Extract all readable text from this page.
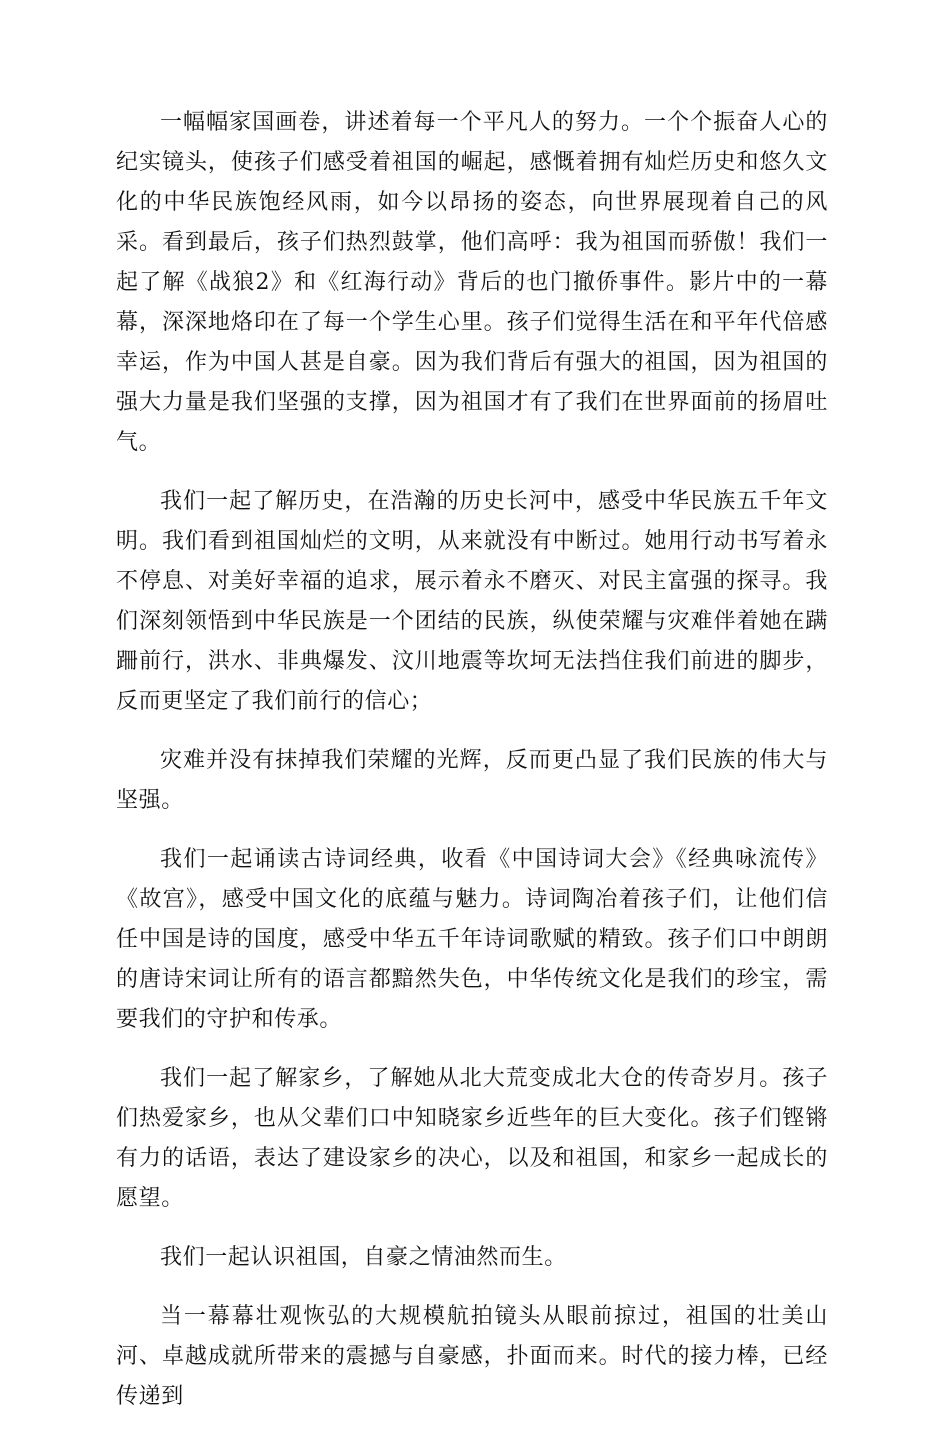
一幅幅家国画卷，讲述着每一个平凡人的努力。一个个振奋人心的纪实镜头，使孩子们感受着祖国的崛起，感慨着拥有灿烂历史和悠久文化的中华民族饱经风雨，如今以昂扬的姿态，向世界展现着自己的风采。看到最后，孩子们热烈鼓掌，他们高呼：我为祖国而骄傲！我们一起了解《战狼2》和《红海行动》背后的也门撤侨事件。影片中的一幕幕，深深地烙印在了每一个学生心里。孩子们觉得生活在和平年代倍感幸运，作为中国人甚是自豪。因为我们背后有强大的祖国，因为祖国的强大力量是我们坚强的支撑，因为祖国才有了我们在世界面前的扬眉吐气。

我们一起了解历史，在浩瀚的历史长河中，感受中华民族五千年文明。我们看到祖国灿烂的文明，从来就没有中断过。她用行动书写着永不停息、对美好幸福的追求，展示着永不磨灭、对民主富强的探寻。我们深刻领悟到中华民族是一个团结的民族，纵使荣耀与灾难伴着她在蹒跚前行，洪水、非典爆发、汶川地震等坎坷无法挡住我们前进的脚步，反而更坚定了我们前行的信心；

灾难并没有抹掉我们荣耀的光辉，反而更凸显了我们民族的伟大与坚强。

我们一起诵读古诗词经典，收看《中国诗词大会》《经典咏流传》《故宫》，感受中国文化的底蕴与魅力。诗词陶冶着孩子们，让他们信任中国是诗的国度，感受中华五千年诗词歌赋的精致。孩子们口中朗朗的唐诗宋词让所有的语言都黯然失色，中华传统文化是我们的珍宝，需要我们的守护和传承。

我们一起了解家乡，了解她从北大荒变成北大仓的传奇岁月。孩子们热爱家乡，也从父辈们口中知晓家乡近些年的巨大变化。孩子们铿锵有力的话语，表达了建设家乡的决心，以及和祖国，和家乡一起成长的愿望。

我们一起认识祖国，自豪之情油然而生。

当一幕幕壮观恢弘的大规模航拍镜头从眼前掠过，祖国的壮美山河、卓越成就所带来的震撼与自豪感，扑面而来。时代的接力棒，已经传递到
